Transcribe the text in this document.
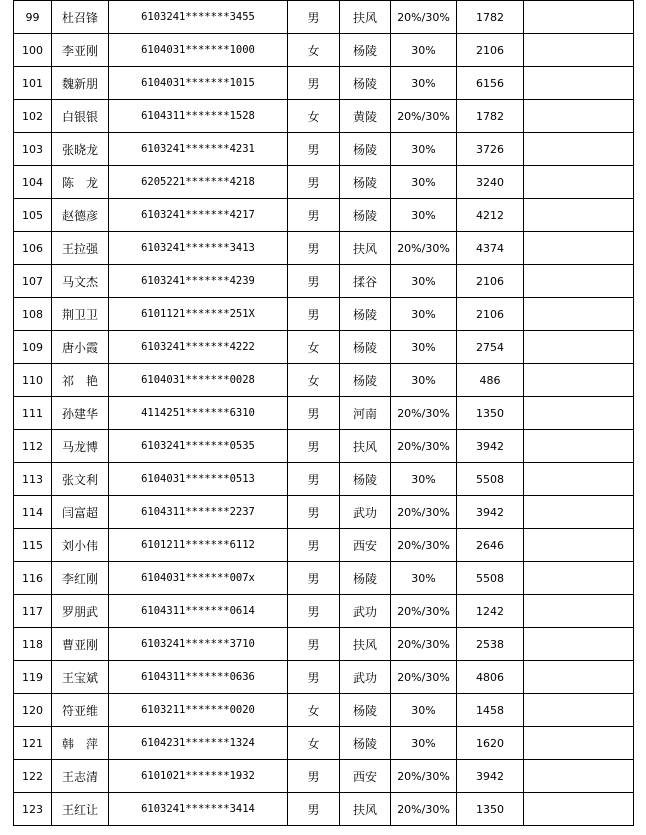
99	杜召锋	6103241*******3455	男	扶风	20%/30%	1782	
100	李亚刚	6104031*******1000	女	杨陵	30%	2106	
101	魏新朋	6104031*******1015	男	杨陵	30%	6156	
102	白银银	6104311*******1528	女	黄陵	20%/30%	1782	
103	张晓龙	6103241*******4231	男	杨陵	30%	3726	
104	陈　龙	6205221*******4218	男	杨陵	30%	3240	
105	赵德彦	6103241*******4217	男	杨陵	30%	4212	
106	王拉强	6103241*******3413	男	扶风	20%/30%	4374	
107	马文杰	6103241*******4239	男	揉谷	30%	2106	
108	荆卫卫	6101121*******251X	男	杨陵	30%	2106	
109	唐小霞	6103241*******4222	女	杨陵	30%	2754	
110	祁　艳	6104031*******0028	女	杨陵	30%	486	
111	孙建华	4114251*******6310	男	河南	20%/30%	1350	
112	马龙博	6103241*******0535	男	扶风	20%/30%	3942	
113	张文利	6104031*******0513	男	杨陵	30%	5508	
114	闫富超	6104311*******2237	男	武功	20%/30%	3942	
115	刘小伟	6101211*******6112	男	西安	20%/30%	2646	
116	李红刚	6104031*******007x	男	杨陵	30%	5508	
117	罗朋武	6104311*******0614	男	武功	20%/30%	1242	
118	曹亚刚	6103241*******3710	男	扶风	20%/30%	2538	
119	王宝斌	6104311*******0636	男	武功	20%/30%	4806	
120	符亚维	6103211*******0020	女	杨陵	30%	1458	
121	韩　萍	6104231*******1324	女	杨陵	30%	1620	
122	王志清	6101021*******1932	男	西安	20%/30%	3942	
123	王红让	6103241*******3414	男	扶风	20%/30%	1350	
